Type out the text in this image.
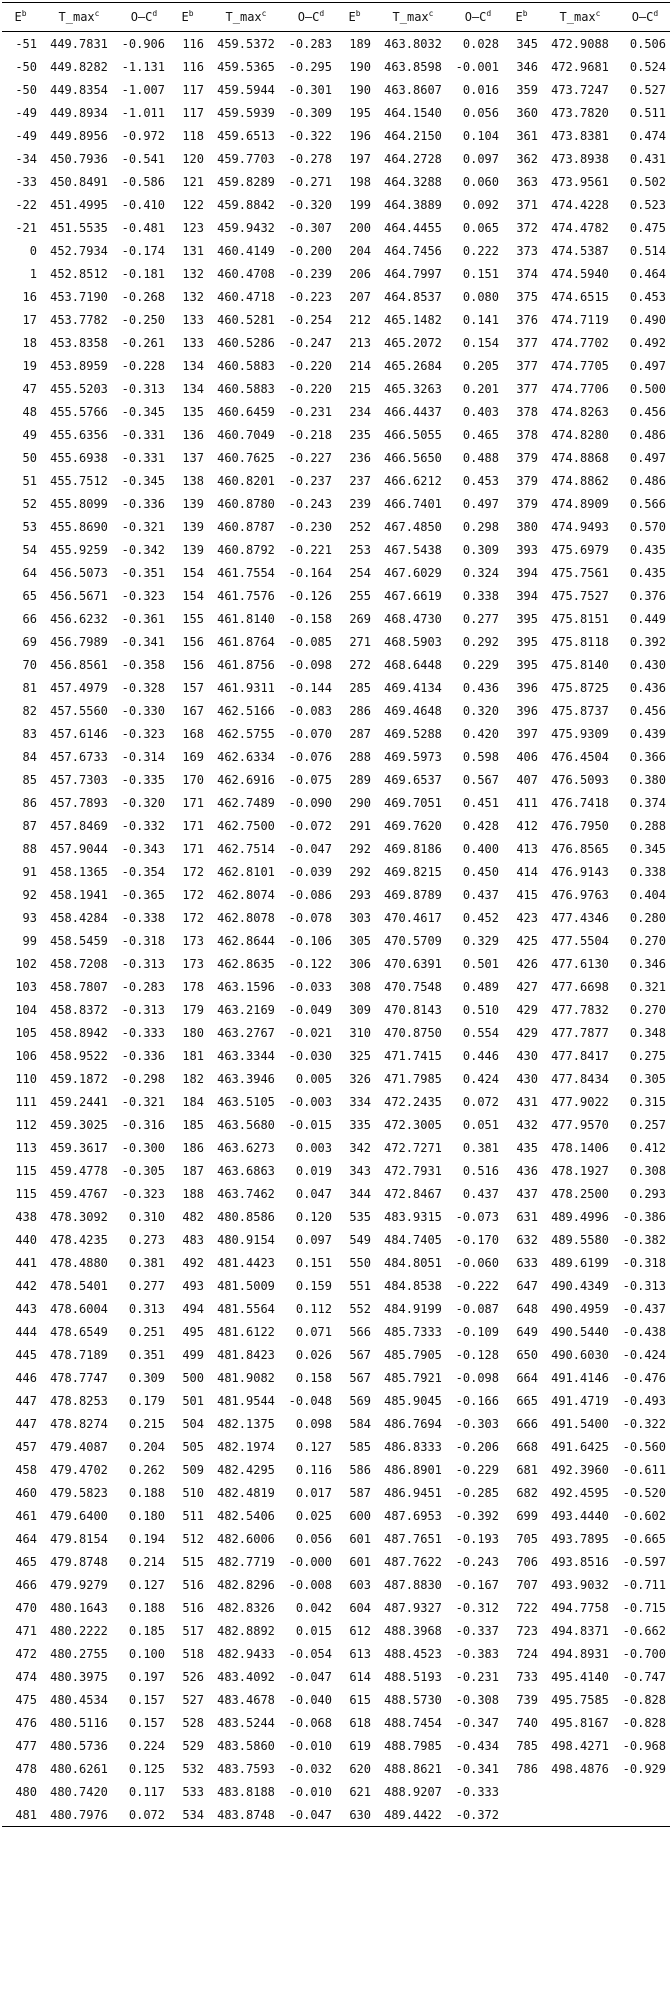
$E^b$	$T\_\max^c$	$O-C^d$	$E^b$	$T\_\max^c$	$O-C^d$	$E^b$	$T\_\max^c$	$O-C^d$	$E^b$	$T\_\max^c$	$O-C^d$
-51	449.7831	-0.906	116	459.5372	-0.283	189	463.8032	0.028	345	472.9088	0.506
-50	449.8282	-1.131	116	459.5365	-0.295	190	463.8598	-0.001	346	472.9681	0.524
-50	449.8354	-1.007	117	459.5944	-0.301	190	463.8607	0.016	359	473.7247	0.527
-49	449.8934	-1.011	117	459.5939	-0.309	195	464.1540	0.056	360	473.7820	0.511
-49	449.8956	-0.972	118	459.6513	-0.322	196	464.2150	0.104	361	473.8381	0.474
-34	450.7936	-0.541	120	459.7703	-0.278	197	464.2728	0.097	362	473.8938	0.431
-33	450.8491	-0.586	121	459.8289	-0.271	198	464.3288	0.060	363	473.9561	0.502
-22	451.4995	-0.410	122	459.8842	-0.320	199	464.3889	0.092	371	474.4228	0.523
-21	451.5535	-0.481	123	459.9432	-0.307	200	464.4455	0.065	372	474.4782	0.475
0	452.7934	-0.174	131	460.4149	-0.200	204	464.7456	0.222	373	474.5387	0.514
1	452.8512	-0.181	132	460.4708	-0.239	206	464.7997	0.151	374	474.5940	0.464
16	453.7190	-0.268	132	460.4718	-0.223	207	464.8537	0.080	375	474.6515	0.453
17	453.7782	-0.250	133	460.5281	-0.254	212	465.1482	0.141	376	474.7119	0.490
18	453.8358	-0.261	133	460.5286	-0.247	213	465.2072	0.154	377	474.7702	0.492
19	453.8959	-0.228	134	460.5883	-0.220	214	465.2684	0.205	377	474.7705	0.497
47	455.5203	-0.313	134	460.5883	-0.220	215	465.3263	0.201	377	474.7706	0.500
48	455.5766	-0.345	135	460.6459	-0.231	234	466.4437	0.403	378	474.8263	0.456
49	455.6356	-0.331	136	460.7049	-0.218	235	466.5055	0.465	378	474.8280	0.486
50	455.6938	-0.331	137	460.7625	-0.227	236	466.5650	0.488	379	474.8868	0.497
51	455.7512	-0.345	138	460.8201	-0.237	237	466.6212	0.453	379	474.8862	0.486
52	455.8099	-0.336	139	460.8780	-0.243	239	466.7401	0.497	379	474.8909	0.566
53	455.8690	-0.321	139	460.8787	-0.230	252	467.4850	0.298	380	474.9493	0.570
54	455.9259	-0.342	139	460.8792	-0.221	253	467.5438	0.309	393	475.6979	0.435
64	456.5073	-0.351	154	461.7554	-0.164	254	467.6029	0.324	394	475.7561	0.435
65	456.5671	-0.323	154	461.7576	-0.126	255	467.6619	0.338	394	475.7527	0.376
66	456.6232	-0.361	155	461.8140	-0.158	269	468.4730	0.277	395	475.8151	0.449
69	456.7989	-0.341	156	461.8764	-0.085	271	468.5903	0.292	395	475.8118	0.392
70	456.8561	-0.358	156	461.8756	-0.098	272	468.6448	0.229	395	475.8140	0.430
81	457.4979	-0.328	157	461.9311	-0.144	285	469.4134	0.436	396	475.8725	0.436
82	457.5560	-0.330	167	462.5166	-0.083	286	469.4648	0.320	396	475.8737	0.456
83	457.6146	-0.323	168	462.5755	-0.070	287	469.5288	0.420	397	475.9309	0.439
84	457.6733	-0.314	169	462.6334	-0.076	288	469.5973	0.598	406	476.4504	0.366
85	457.7303	-0.335	170	462.6916	-0.075	289	469.6537	0.567	407	476.5093	0.380
86	457.7893	-0.320	171	462.7489	-0.090	290	469.7051	0.451	411	476.7418	0.374
87	457.8469	-0.332	171	462.7500	-0.072	291	469.7620	0.428	412	476.7950	0.288
88	457.9044	-0.343	171	462.7514	-0.047	292	469.8186	0.400	413	476.8565	0.345
91	458.1365	-0.354	172	462.8101	-0.039	292	469.8215	0.450	414	476.9143	0.338
92	458.1941	-0.365	172	462.8074	-0.086	293	469.8789	0.437	415	476.9763	0.404
93	458.4284	-0.338	172	462.8078	-0.078	303	470.4617	0.452	423	477.4346	0.280
99	458.5459	-0.318	173	462.8644	-0.106	305	470.5709	0.329	425	477.5504	0.270
102	458.7208	-0.313	173	462.8635	-0.122	306	470.6391	0.501	426	477.6130	0.346
103	458.7807	-0.283	178	463.1596	-0.033	308	470.7548	0.489	427	477.6698	0.321
104	458.8372	-0.313	179	463.2169	-0.049	309	470.8143	0.510	429	477.7832	0.270
105	458.8942	-0.333	180	463.2767	-0.021	310	470.8750	0.554	429	477.7877	0.348
106	458.9522	-0.336	181	463.3344	-0.030	325	471.7415	0.446	430	477.8417	0.275
110	459.1872	-0.298	182	463.3946	0.005	326	471.7985	0.424	430	477.8434	0.305
111	459.2441	-0.321	184	463.5105	-0.003	334	472.2435	0.072	431	477.9022	0.315
112	459.3025	-0.316	185	463.5680	-0.015	335	472.3005	0.051	432	477.9570	0.257
113	459.3617	-0.300	186	463.6273	0.003	342	472.7271	0.381	435	478.1406	0.412
115	459.4778	-0.305	187	463.6863	0.019	343	472.7931	0.516	436	478.1927	0.308
115	459.4767	-0.323	188	463.7462	0.047	344	472.8467	0.437	437	478.2500	0.293
438	478.3092	0.310	482	480.8586	0.120	535	483.9315	-0.073	631	489.4996	-0.386
440	478.4235	0.273	483	480.9154	0.097	549	484.7405	-0.170	632	489.5580	-0.382
441	478.4880	0.381	492	481.4423	0.151	550	484.8051	-0.060	633	489.6199	-0.318
442	478.5401	0.277	493	481.5009	0.159	551	484.8538	-0.222	647	490.4349	-0.313
443	478.6004	0.313	494	481.5564	0.112	552	484.9199	-0.087	648	490.4959	-0.437
444	478.6549	0.251	495	481.6122	0.071	566	485.7333	-0.109	649	490.5440	-0.438
445	478.7189	0.351	499	481.8423	0.026	567	485.7905	-0.128	650	490.6030	-0.424
446	478.7747	0.309	500	481.9082	0.158	567	485.7921	-0.098	664	491.4146	-0.476
447	478.8253	0.179	501	481.9544	-0.048	569	485.9045	-0.166	665	491.4719	-0.493
447	478.8274	0.215	504	482.1375	0.098	584	486.7694	-0.303	666	491.5400	-0.322
457	479.4087	0.204	505	482.1974	0.127	585	486.8333	-0.206	668	491.6425	-0.560
458	479.4702	0.262	509	482.4295	0.116	586	486.8901	-0.229	681	492.3960	-0.611
460	479.5823	0.188	510	482.4819	0.017	587	486.9451	-0.285	682	492.4595	-0.520
461	479.6400	0.180	511	482.5406	0.025	600	487.6953	-0.392	699	493.4440	-0.602
464	479.8154	0.194	512	482.6006	0.056	601	487.7651	-0.193	705	493.7895	-0.665
465	479.8748	0.214	515	482.7719	-0.000	601	487.7622	-0.243	706	493.8516	-0.597
466	479.9279	0.127	516	482.8296	-0.008	603	487.8830	-0.167	707	493.9032	-0.711
470	480.1643	0.188	516	482.8326	0.042	604	487.9327	-0.312	722	494.7758	-0.715
471	480.2222	0.185	517	482.8892	0.015	612	488.3968	-0.337	723	494.8371	-0.662
472	480.2755	0.100	518	482.9433	-0.054	613	488.4523	-0.383	724	494.8931	-0.700
474	480.3975	0.197	526	483.4092	-0.047	614	488.5193	-0.231	733	495.4140	-0.747
475	480.4534	0.157	527	483.4678	-0.040	615	488.5730	-0.308	739	495.7585	-0.828
476	480.5116	0.157	528	483.5244	-0.068	618	488.7454	-0.347	740	495.8167	-0.828
477	480.5736	0.224	529	483.5860	-0.010	619	488.7985	-0.434	785	498.4271	-0.968
478	480.6261	0.125	532	483.7593	-0.032	620	488.8621	-0.341	786	498.4876	-0.929
480	480.7420	0.117	533	483.8188	-0.010	621	488.9207	-0.333			
481	480.7976	0.072	534	483.8748	-0.047	630	489.4422	-0.372			
